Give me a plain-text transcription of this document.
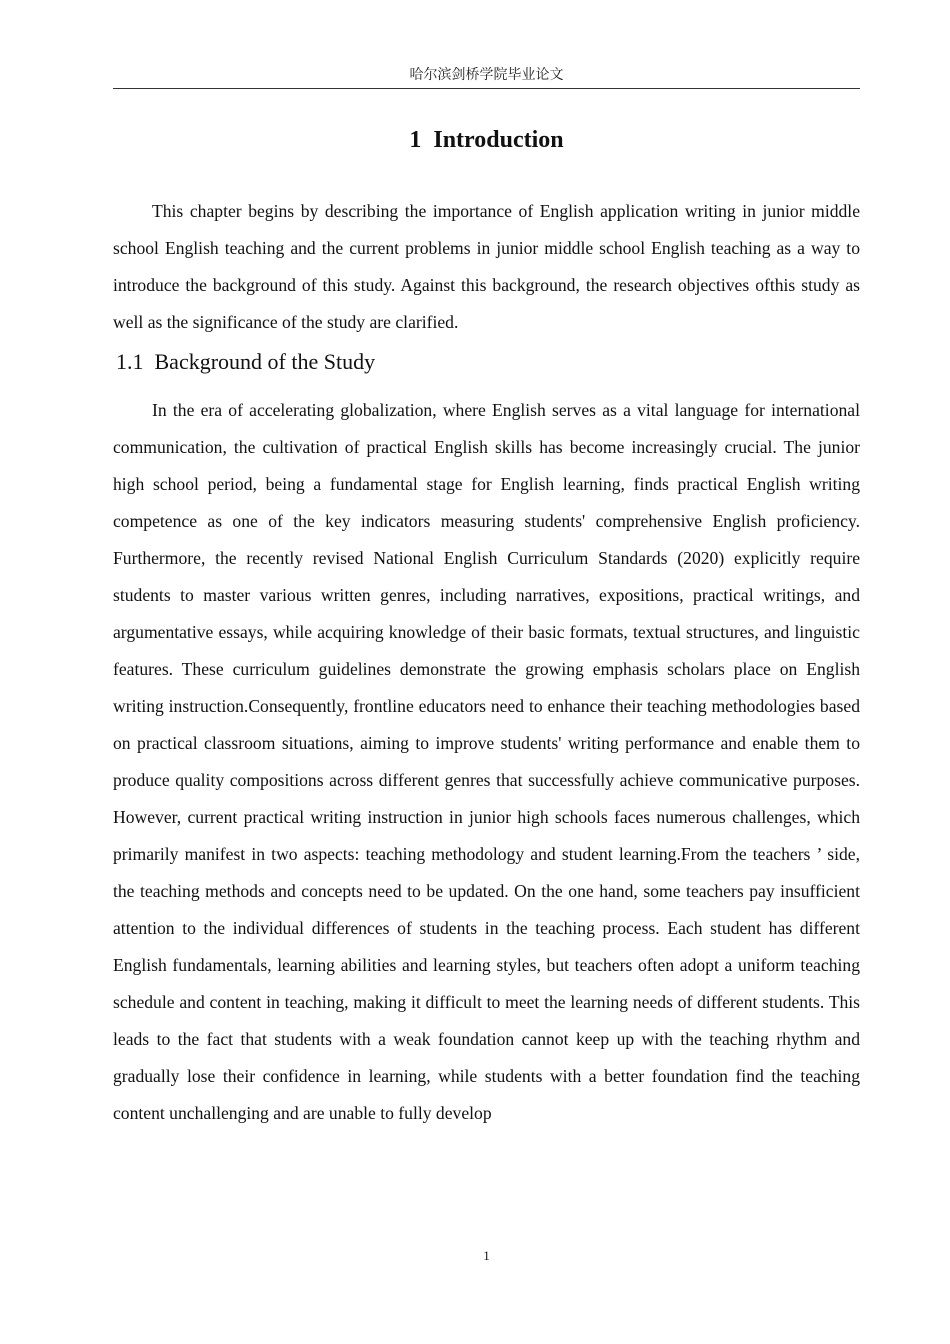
哈尔滨剑桥学院毕业论文
1  Introduction

This chapter begins by describing the importance of English application writing in junior middle school English teaching and the current problems in junior middle school English teaching as a way to introduce the background of this study. Against this background, the research objectives ofthis study as well as the significance of the study are clarified.

1.1  Background of the Study

In the era of accelerating globalization, where English serves as a vital language for international communication, the cultivation of practical English skills has become increasingly crucial. The junior high school period, being a fundamental stage for English learning, finds practical English writing competence as one of the key indicators measuring students' comprehensive English proficiency. Furthermore, the recently revised National English Curriculum Standards (2020) explicitly require students to master various written genres, including narratives, expositions, practical writings, and argumentative essays, while acquiring knowledge of their basic formats, textual structures, and linguistic features. These curriculum guidelines demonstrate the growing emphasis scholars place on English writing instruction.Consequently, frontline educators need to enhance their teaching methodologies based on practical classroom situations, aiming to improve students' writing performance and enable them to produce quality compositions across different genres that successfully achieve communicative purposes. However, current practical writing instruction in junior high schools faces numerous challenges, which primarily manifest in two aspects: teaching methodology and student learning.From the teachers ’ side, the teaching methods and concepts need to be updated. On the one hand, some teachers pay insufficient attention to the individual differences of students in the teaching process. Each student has different English fundamentals, learning abilities and learning styles, but teachers often adopt a uniform teaching schedule and content in teaching, making it difficult to meet the learning needs of different students. This leads to the fact that students with a weak foundation cannot keep up with the teaching rhythm and gradually lose their confidence in learning, while students with a better foundation find the teaching content unchallenging and are unable to fully develop

1
